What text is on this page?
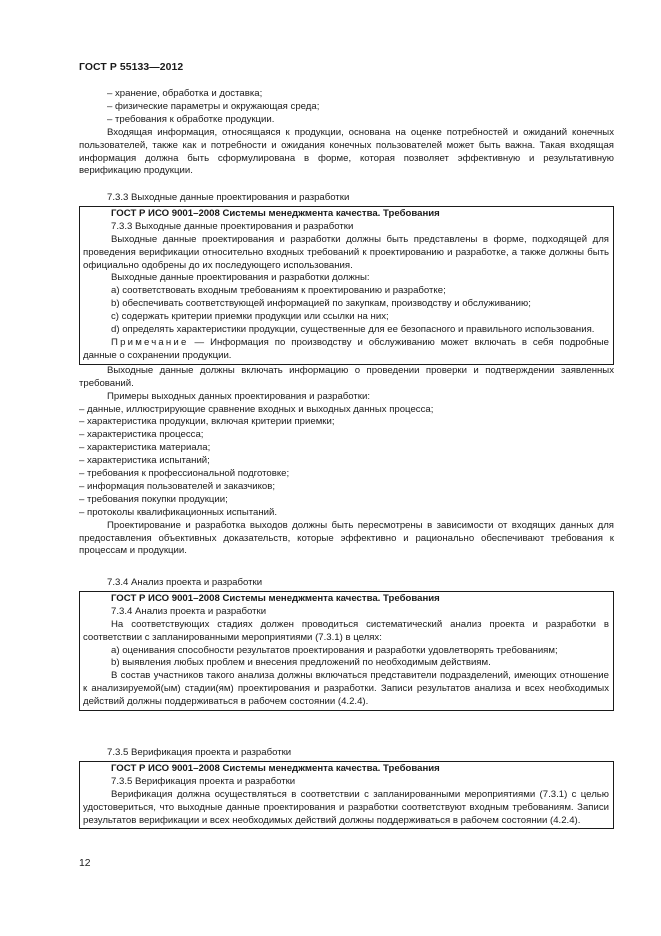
ГОСТ Р 55133—2012

– хранение, обработка и доставка;

– физические параметры и окружающая среда;

– требования к обработке продукции.

Входящая информация, относящаяся к продукции, основана на оценке потребностей и ожиданий конечных пользователей, также как и потребности и ожидания конечных пользователей может быть важна. Такая входящая информация должна быть сформулирована в форме, которая позволяет эффективную и результативную верификацию продукции.

7.3.3 Выходные данные проектирования и разработки

ГОСТ Р ИСО 9001–2008 Системы менеджмента качества. Требования

7.3.3 Выходные данные проектирования и разработки

Выходные данные проектирования и разработки должны быть представлены в форме, подходящей для проведения верификации относительно входных требований к проектированию и разработке, а также должны быть официально одобрены до их последующего использования.

Выходные данные проектирования и разработки должны:

а) соответствовать входным требованиям к проектированию и разработке;

b) обеспечивать соответствующей информацией по закупкам, производству и обслуживанию;

с) содержать критерии приемки продукции или ссылки на них;

d) определять характеристики продукции, существенные для ее безопасного и правильного использования.

Примечание — Информация по производству и обслуживанию может включать в себя подробные данные о сохранении продукции.

Выходные данные должны включать информацию о проведении проверки и подтверждении заявленных требований.

Примеры выходных данных проектирования и разработки:

– данные, иллюстрирующие сравнение входных и выходных данных процесса;

– характеристика продукции, включая критерии приемки;

– характеристика процесса;

– характеристика материала;

– характеристика испытаний;

– требования к профессиональной подготовке;

– информация пользователей и заказчиков;

– требования покупки продукции;

– протоколы квалификационных испытаний.

Проектирование и разработка выходов должны быть пересмотрены в зависимости от входящих данных для предоставления объективных доказательств, которые эффективно и рационально обеспечивают требования к процессам и продукции.

7.3.4 Анализ проекта и разработки

ГОСТ Р ИСО 9001–2008 Системы менеджмента качества. Требования

7.3.4 Анализ проекта и разработки

На соответствующих стадиях должен проводиться систематический анализ проекта и разработки в соответствии с запланированными мероприятиями (7.3.1) в целях:

а) оценивания способности результатов проектирования и разработки удовлетворять требованиям;

b) выявления любых проблем и внесения предложений по необходимым действиям.

В состав участников такого анализа должны включаться представители подразделений, имеющих отношение к анализируемой(ым) стадии(ям) проектирования и разработки. Записи результатов анализа и всех необходимых действий должны поддерживаться в рабочем состоянии (4.2.4).

7.3.5 Верификация проекта и разработки

ГОСТ Р ИСО 9001–2008 Системы менеджмента качества. Требования

7.3.5 Верификация проекта и разработки

Верификация должна осуществляться в соответствии с запланированными мероприятиями (7.3.1) с целью удостовериться, что выходные данные проектирования и разработки соответствуют входным требованиям. Записи результатов верификации и всех необходимых действий должны поддерживаться в рабочем состоянии (4.2.4).

12
